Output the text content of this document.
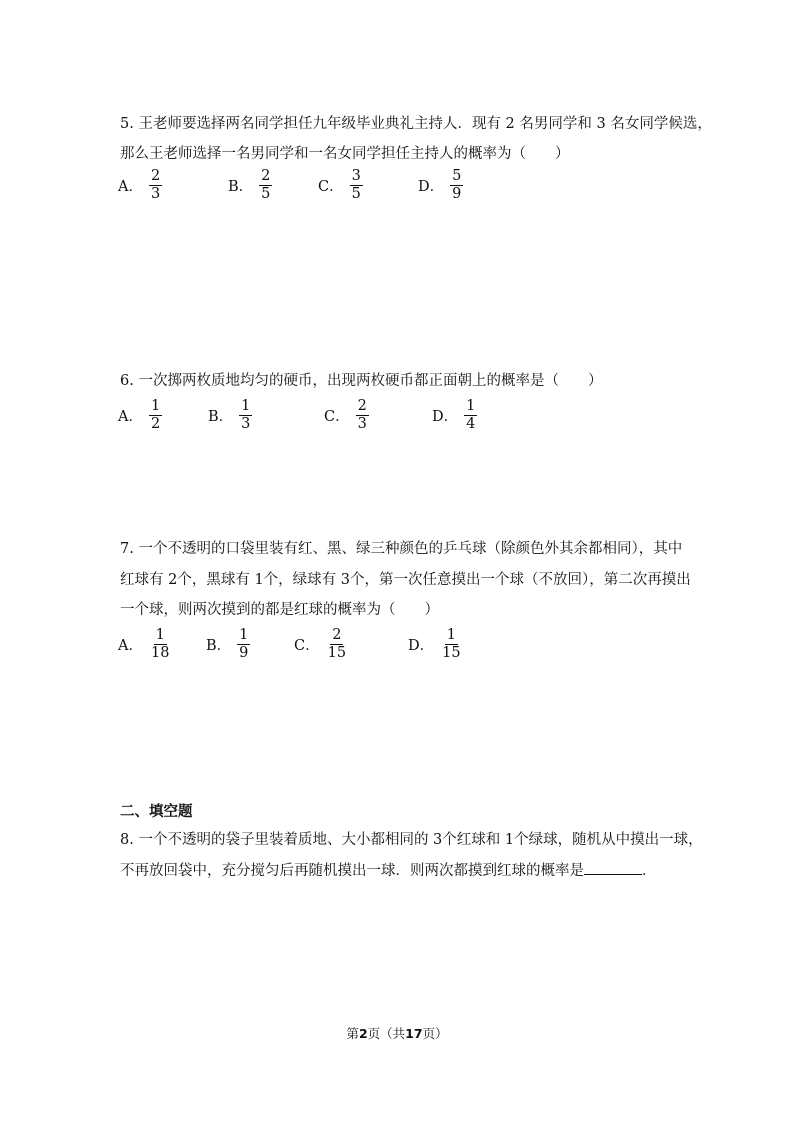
5. 王老师要选择两名同学担任九年级毕业典礼主持人．现有 2 名男同学和 3 名女同学候选，
那么王老师选择一名男同学和一名女同学担任主持人的概率为（　　）
A． $\frac{2}{3}$	B． $\frac{2}{5}$	C． $\frac{3}{5}$	D． $\frac{5}{9}$
6. 一次掷两枚质地均匀的硬币，出现两枚硬币都正面朝上的概率是（　　）
A． $\frac{1}{2}$	B． $\frac{1}{3}$	C． $\frac{2}{3}$	D． $\frac{1}{4}$
7. 一个不透明的口袋里装有红、黑、绿三种颜色的乒乓球（除颜色外其余都相同），其中
红球有 2个，黑球有 1个，绿球有 3个，第一次任意摸出一个球（不放回），第二次再摸出
一个球，则两次摸到的都是红球的概率为（　　）
A． $\frac{1}{18}$ B． $\frac{1}{9}$	C． $\frac{2}{15}$	D． $\frac{1}{15}$
二、填空题
8. 一个不透明的袋子里装着质地、大小都相同的 3个红球和 1个绿球，随机从中摸出一球，
不再放回袋中，充分搅匀后再随机摸出一球．则两次都摸到红球的概率是	．
第2页（共17页）
